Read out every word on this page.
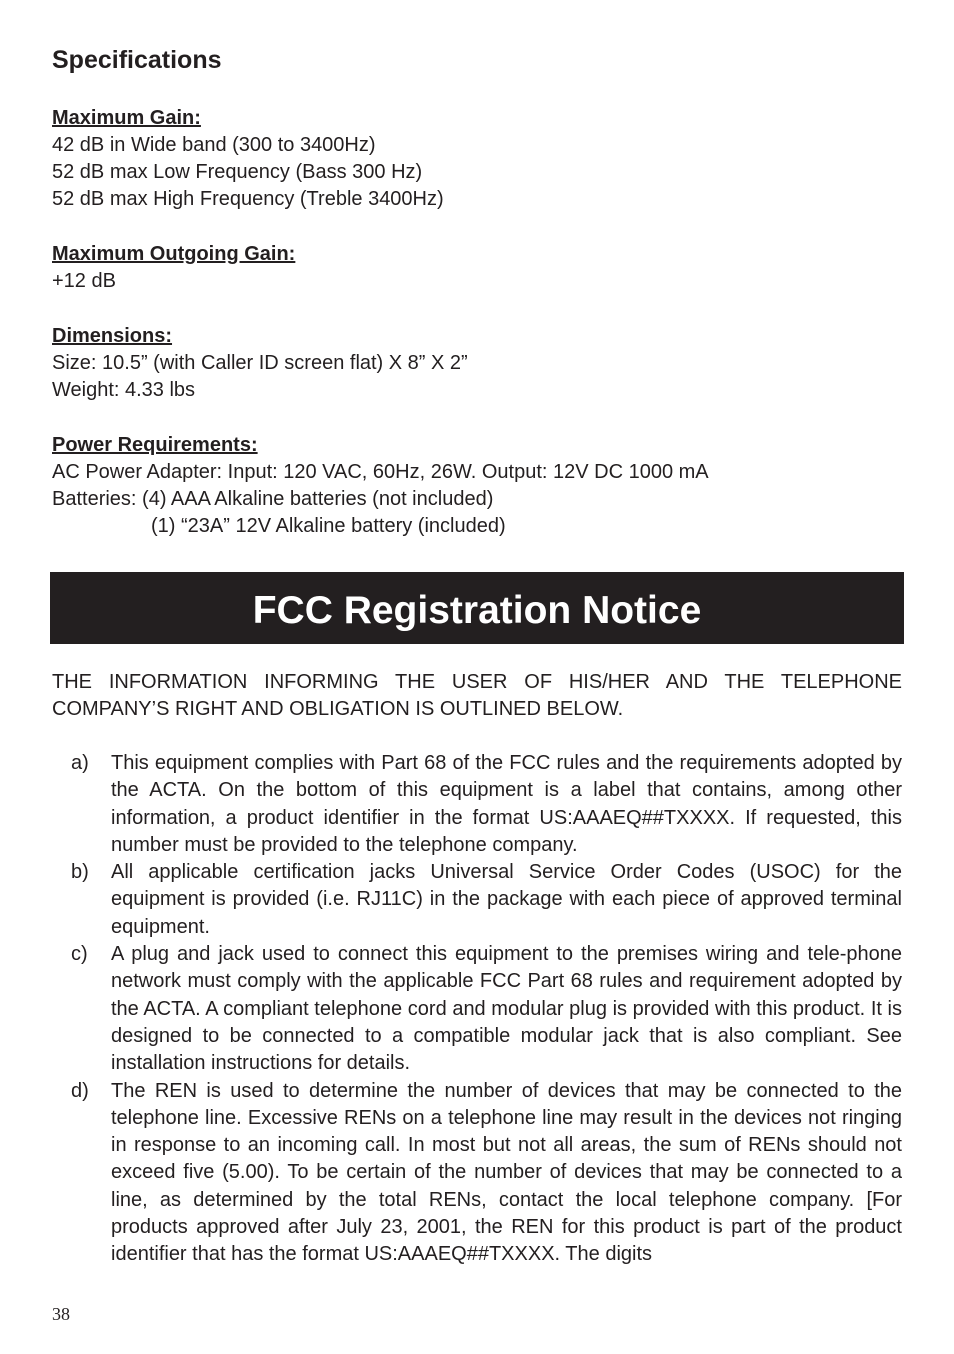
Specifications

Maximum Gain:

42 dB in Wide band (300 to 3400Hz)

52 dB max Low Frequency (Bass 300 Hz)

52 dB max High Frequency (Treble 3400Hz)

Maximum Outgoing Gain:

+12 dB

Dimensions:

Size: 10.5” (with Caller ID screen flat) X 8” X 2”

Weight: 4.33 lbs

Power Requirements:

AC Power Adapter: Input: 120 VAC, 60Hz, 26W. Output: 12V DC 1000 mA

Batteries: (4) AAA Alkaline batteries (not included)

(1) “23A” 12V Alkaline battery (included)

FCC Registration Notice

THE INFORMATION INFORMING THE USER OF HIS/HER AND THE TELEPHONE COMPANY’S RIGHT AND OBLIGATION IS OUTLINED BELOW.

a) This equipment complies with Part 68 of the FCC rules and the requirements adopted by the ACTA. On the bottom of this equipment is a label that contains, among other information, a product identifier in the format US:AAAEQ##TXXXX. If requested, this number must be provided to the telephone company.
b) All applicable certification jacks Universal Service Order Codes (USOC) for the equipment is provided (i.e. RJ11C) in the package with each piece of approved terminal equipment.
c) A plug and jack used to connect this equipment to the premises wiring and tele-phone network must comply with the applicable FCC Part 68 rules and requirement adopted by the ACTA. A compliant telephone cord and modular plug is provided with this product. It is designed to be connected to a compatible modular jack that is also compliant. See installation instructions for details.
d) The REN is used to determine the number of devices that may be connected to the telephone line. Excessive RENs on a telephone line may result in the devices not ringing in response to an incoming call. In most but not all areas, the sum of RENs should not exceed five (5.00). To be certain of the number of devices that may be connected to a line, as determined by the total RENs, contact the local telephone company. [For products approved after July 23, 2001, the REN for this product is part of the product identifier that has the format US:AAAEQ##TXXXX. The digits
38
